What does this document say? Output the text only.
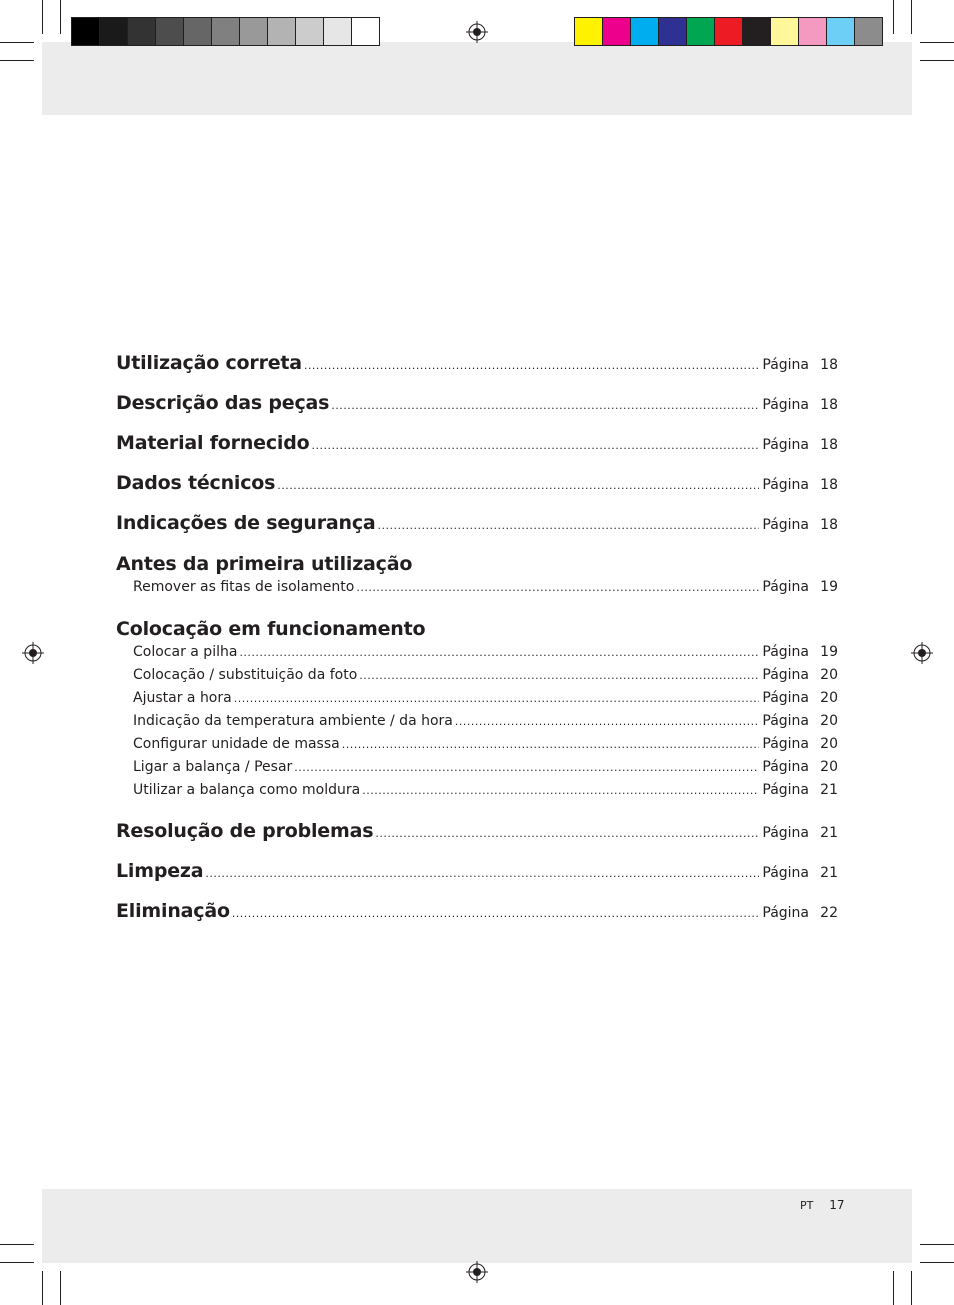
Utilização correta .....	Página 18
Descrição das peças .....	Página 18
Material fornecido .....	Página 18
Dados técnicos .....	Página 18
Indicações de segurança .....	Página 18
Antes da primeira utilização
Remover as fitas de isolamento .....	Página 19
Colocação em funcionamento
Colocar a pilha .....	Página 19
Colocação / substituição da foto .....	Página 20
Ajustar a hora .....	Página 20
Indicação da temperatura ambiente / da hora .....	Página 20
Configurar unidade de massa .....	Página 20
Ligar a balança / Pesar .....	Página 20
Utilizar a balança como moldura .....	Página 21
Resolução de problemas .....	Página 21
Limpeza .....	Página 21
Eliminação .....	Página 22
PT 17
